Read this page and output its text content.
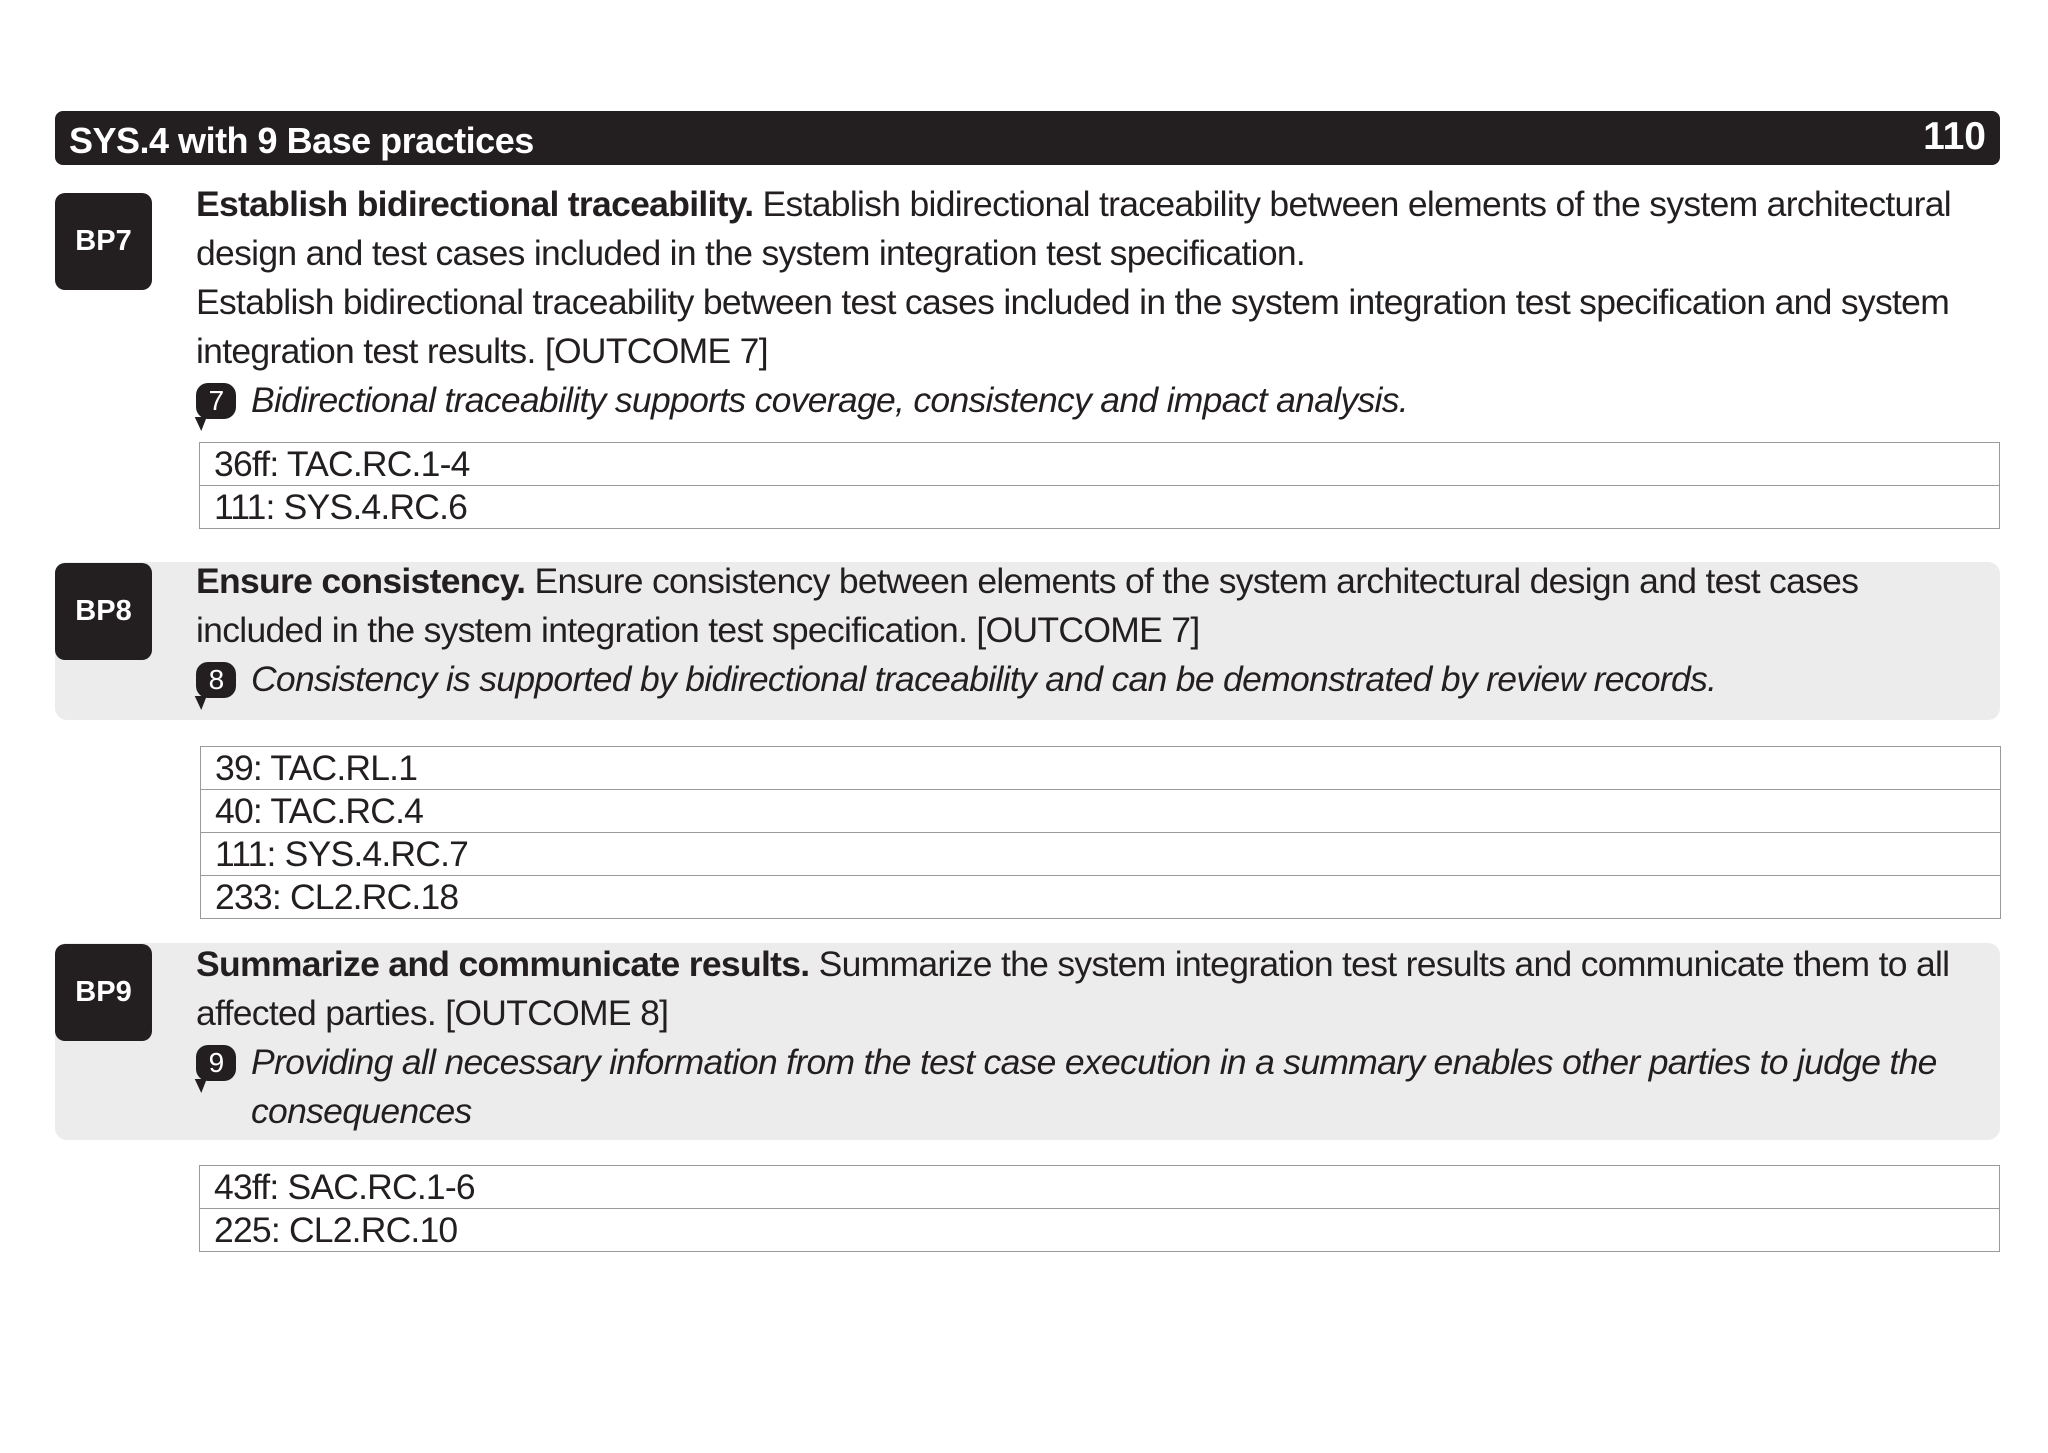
SYS.4 with 9 Base practices	110
BP7

Establish bidirectional traceability. Establish bidirectional traceability between elements of the system architectural design and test cases included in the system integration test specification.

Establish bidirectional traceability between test cases included in the system integration test specification and system integration test results. [OUTCOME 7]

7 Bidirectional traceability supports coverage, consistency and impact analysis.

36ff: TAC.RC.1-4
111: SYS.4.RC.6
BP8

Ensure consistency. Ensure consistency between elements of the system architectural design and test cases included in the system integration test specification. [OUTCOME 7]

8 Consistency is supported by bidirectional traceability and can be demonstrated by review records.

39: TAC.RL.1
40: TAC.RC.4
111: SYS.4.RC.7
233: CL2.RC.18
BP9

Summarize and communicate results. Summarize the system integration test results and communicate them to all affected parties. [OUTCOME 8]

9 Providing all necessary information from the test case execution in a summary enables other parties to judge the consequences

43ff: SAC.RC.1-6
225: CL2.RC.10
